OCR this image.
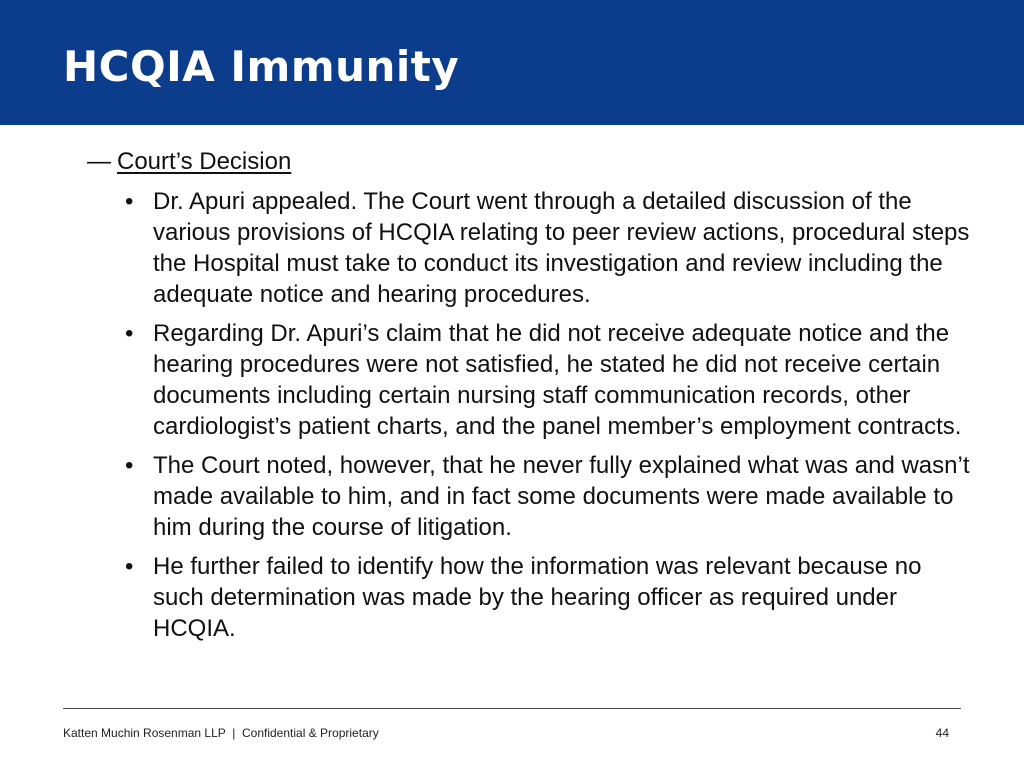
HCQIA Immunity
— Court’s Decision
• Dr. Apuri appealed. The Court went through a detailed discussion of the various provisions of HCQIA relating to peer review actions, procedural steps the Hospital must take to conduct its investigation and review including the adequate notice and hearing procedures.
• Regarding Dr. Apuri’s claim that he did not receive adequate notice and the hearing procedures were not satisfied, he stated he did not receive certain documents including certain nursing staff communication records, other cardiologist’s patient charts, and the panel member’s employment contracts.
• The Court noted, however, that he never fully explained what was and wasn’t made available to him, and in fact some documents were made available to him during the course of litigation.
• He further failed to identify how the information was relevant because no such determination was made by the hearing officer as required under HCQIA.
Katten Muchin Rosenman LLP  |  Confidential & Proprietary	44
